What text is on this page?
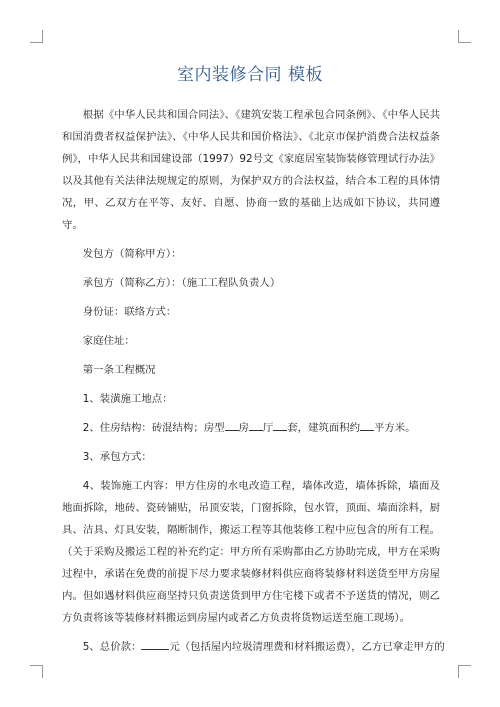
室内装修合同 模板

根据《中华人民共和国合同法》、《建筑安装工程承包合同条例》、《中华人民共和国消费者权益保护法》、《中华人民共和国价格法》、《北京市保护消费合法权益条例》，中华人民共和国建设部（1997）92号文《家庭居室装饰装修管理试行办法》以及其他有关法律法规规定的原则，为保护双方的合法权益，结合本工程的具体情况，甲、乙双方在平等、友好、自愿、协商一致的基础上达成如下协议，共同遵守。

发包方（简称甲方）：

承包方（简称乙方）：（施工工程队负责人）

身份证：联络方式：

家庭住址：

第一条工程概况

1、装潢施工地点：

2、住房结构：砖混结构；房型 房 厅 套，建筑面积约 平方米。

3、承包方式：

4、装饰施工内容：甲方住房的水电改造工程，墙体改造，墙体拆除，墙面及地面拆除，地砖、瓷砖铺贴，吊顶安装，门窗拆除，包水管，顶面、墙面涂料，厨具、洁具、灯具安装，隔断制作，搬运工程等其他装修工程中应包含的所有工程。（关于采购及搬运工程的补充约定：甲方所有采购都由乙方协助完成，甲方在采购过程中，承诺在免费的前提下尽力要求装修材料供应商将装修材料送货至甲方房屋内。但如遇材料供应商坚持只负责送货到甲方住宅楼下或者不予送货的情况，则乙方负责将该等装修材料搬运到房屋内或者乙方负责将货物运送至施工现场）。

5、总价款：	元（包括屋内垃圾清理费和材料搬运费），乙方已拿走甲方的
